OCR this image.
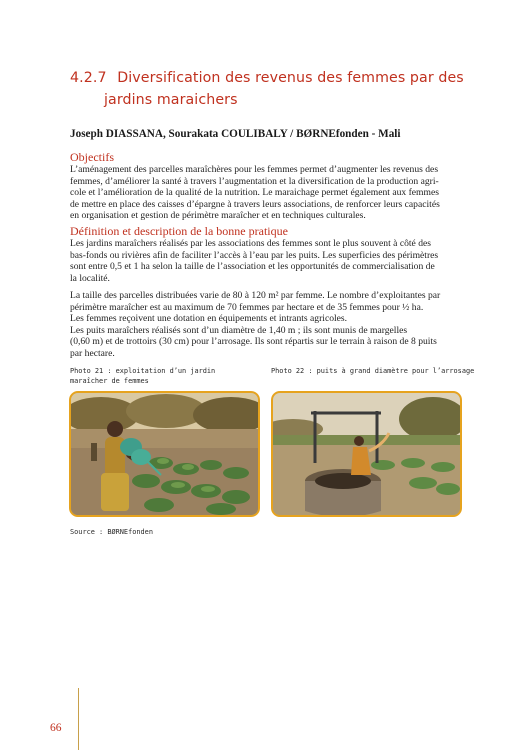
4.2.7 Diversification des revenus des femmes par des
jardins maraichers

Joseph DIASSANA, Sourakata COULIBALY / BØRNEfonden - Mali

Objectifs
L’aménagement des parcelles maraîchères pour les femmes permet d’augmenter les revenus des
femmes, d’améliorer la santé à travers l’augmentation et la diversification de la production agri-
cole et l’amélioration de la qualité de la nutrition. Le maraichage permet également aux femmes
de mettre en place des caisses d’épargne à travers leurs associations, de renforcer leurs capacités
en organisation et gestion de périmètre maraîcher et en techniques culturales.
Définition et description de la bonne pratique
Les jardins maraîchers réalisés par les associations des femmes sont le plus souvent à côté des
bas-fonds ou rivières afin de faciliter l’accès à l’eau par les puits. Les superficies des périmètres
sont entre 0,5 et 1 ha selon la taille de l’association et les opportunités de commercialisation de
la localité.
La taille des parcelles distribuées varie de 80 à 120 m² par femme. Le nombre d’exploitantes par
périmètre maraîcher est au maximum de 70 femmes par hectare et de 35 femmes pour ½ ha.
Les femmes reçoivent une dotation en équipements et intrants agricoles.
Les puits maraîchers réalisés sont d’un diamètre de 1,40 m ; ils sont munis de margelles
(0,60 m) et de trottoirs (30 cm) pour l’arrosage. Ils sont répartis sur le terrain à raison de 8 puits
par hectare.
Photo 21 : exploitation d’un jardin
maraîcher de femmes
Photo 22 : puits à grand diamètre pour l’arrosage

Source : BØRNEfonden

66
